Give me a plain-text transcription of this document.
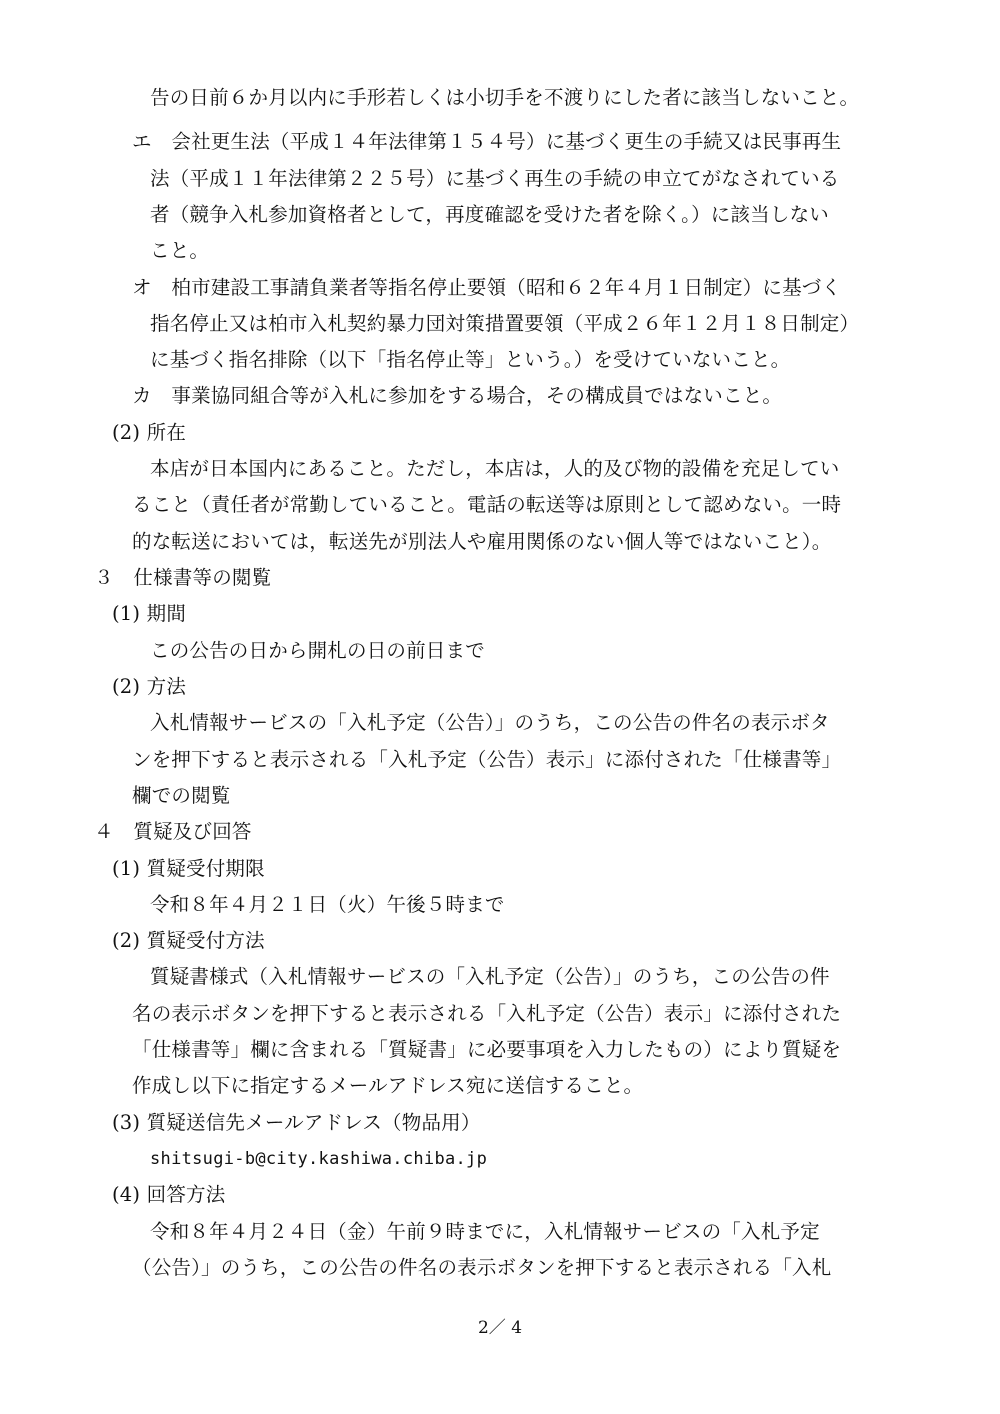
告の日前６か月以内に手形若しくは小切手を不渡りにした者に該当しないこと。
エ　会社更生法（平成１４年法律第１５４号）に基づく更生の手続又は民事再生
法（平成１１年法律第２２５号）に基づく再生の手続の申立てがなされている
者（競争入札参加資格者として，再度確認を受けた者を除く。）に該当しない
こと。
オ　柏市建設工事請負業者等指名停止要領（昭和６２年４月１日制定）に基づく
指名停止又は柏市入札契約暴力団対策措置要領（平成２６年１２月１８日制定）
に基づく指名排除（以下「指名停止等」という。）を受けていないこと。
カ　事業協同組合等が入札に参加をする場合，その構成員ではないこと。
(2) 所在
本店が日本国内にあること。ただし，本店は，人的及び物的設備を充足してい
ること（責任者が常勤していること。電話の転送等は原則として認めない。一時
的な転送においては，転送先が別法人や雇用関係のない個人等ではないこと）。
３　仕様書等の閲覧
(1) 期間
この公告の日から開札の日の前日まで
(2) 方法
入札情報サービスの「入札予定（公告）」のうち，この公告の件名の表示ボタ
ンを押下すると表示される「入札予定（公告）表示」に添付された「仕様書等」
欄での閲覧
４　質疑及び回答
(1) 質疑受付期限
令和８年４月２１日（火）午後５時まで
(2) 質疑受付方法
質疑書様式（入札情報サービスの「入札予定（公告）」のうち，この公告の件
名の表示ボタンを押下すると表示される「入札予定（公告）表示」に添付された
「仕様書等」欄に含まれる「質疑書」に必要事項を入力したもの）により質疑を
作成し以下に指定するメールアドレス宛に送信すること。
(3) 質疑送信先メールアドレス（物品用）
shitsugi-b@city.kashiwa.chiba.jp
(4) 回答方法
令和８年４月２４日（金）午前９時までに，入札情報サービスの「入札予定
（公告）」のうち，この公告の件名の表示ボタンを押下すると表示される「入札
2／ 4
